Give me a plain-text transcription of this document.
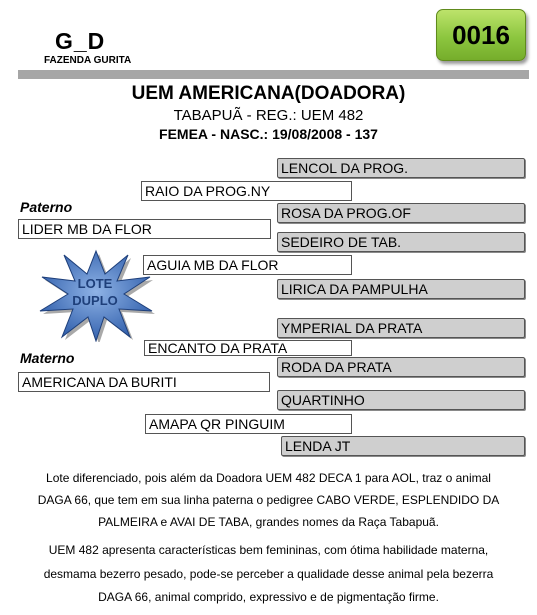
G_D
FAZENDA GURITA
0016
UEM AMERICANA(DOADORA)
TABAPUÃ - REG.: UEM 482
FEMEA - NASC.: 19/08/2008 - 137
Paterno
Materno
LOTE
DUPLO
LENCOL DA PROG.
ROSA DA PROG.OF
SEDEIRO DE TAB.
LIRICA DA PAMPULHA
YMPERIAL DA PRATA
RODA DA PRATA
QUARTINHO
LENDA JT
RAIO DA PROG.NY
AGUIA MB DA FLOR
ENCANTO DA PRATA
AMAPA QR PINGUIM
LIDER MB DA FLOR
AMERICANA DA BURITI
Lote diferenciado, pois além da Doadora UEM 482 DECA 1 para AOL, traz o animal
DAGA 66, que tem em sua linha paterna o pedigree CABO VERDE, ESPLENDIDO DA
PALMEIRA e AVAI DE TABA, grandes nomes da Raça Tabapuã.
UEM 482 apresenta características bem femininas, com ótima habilidade materna,
desmama bezerro pesado, pode-se perceber a qualidade desse animal pela bezerra
DAGA 66, animal comprido, expressivo e de pigmentação firme.
